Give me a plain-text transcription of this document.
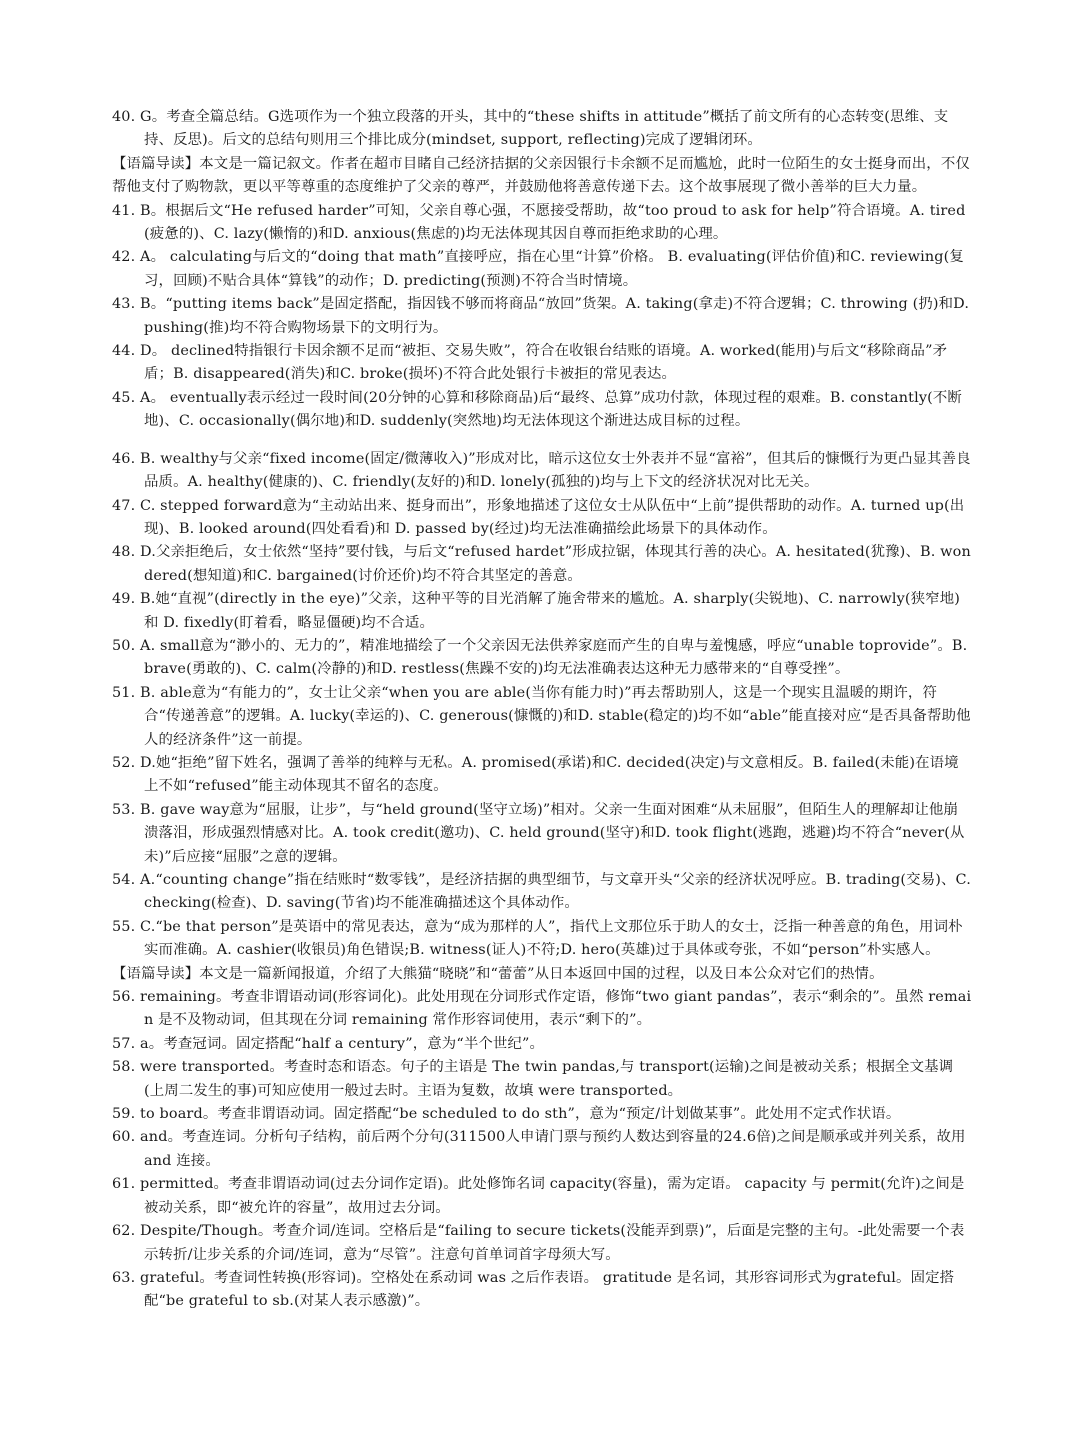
40. G。考查全篇总结。G选项作为一个独立段落的开头，其中的“these shifts in attitude”概括了前文所有的心态转变(思维、支持、反思)。后文的总结句则用三个排比成分(mindset, support, reflecting)完成了逻辑闭环。

【语篇导读】本文是一篇记叙文。作者在超市目睹自己经济拮据的父亲因银行卡余额不足而尴尬，此时一位陌生的女士挺身而出，不仅帮他支付了购物款，更以平等尊重的态度维护了父亲的尊严，并鼓励他将善意传递下去。这个故事展现了微小善举的巨大力量。

41. B。根据后文“He refused harder”可知，父亲自尊心强，不愿接受帮助，故“too proud to ask for help”符合语境。A. tired(疲惫的)、C. lazy(懒惰的)和D. anxious(焦虑的)均无法体现其因自尊而拒绝求助的心理。

42. A。 calculating与后文的“doing that math”直接呼应，指在心里“计算”价格。 B. evaluating(评估价值)和C. reviewing(复习，回顾)不贴合具体“算钱”的动作；D. predicting(预测)不符合当时情境。

43. B。“putting items back”是固定搭配，指因钱不够而将商品“放回”货架。A. taking(拿走)不符合逻辑；C. throwing (扔)和D. pushing(推)均不符合购物场景下的文明行为。

44. D。 declined特指银行卡因余额不足而“被拒、交易失败”，符合在收银台结账的语境。A. worked(能用)与后文“移除商品”矛盾；B. disappeared(消失)和C. broke(损坏)不符合此处银行卡被拒的常见表达。

45. A。 eventually表示经过一段时间(20分钟的心算和移除商品)后“最终、总算”成功付款，体现过程的艰难。B. constantly(不断地)、C. occasionally(偶尔地)和D. suddenly(突然地)均无法体现这个渐进达成目标的过程。

46. B. wealthy与父亲“fixed income(固定/微薄收入)”形成对比，暗示这位女士外表并不显“富裕”，但其后的慷慨行为更凸显其善良品质。A. healthy(健康的)、C. friendly(友好的)和D. lonely(孤独的)均与上下文的经济状况对比无关。

47. C. stepped forward意为“主动站出来、挺身而出”，形象地描述了这位女士从队伍中“上前”提供帮助的动作。A. turned up(出现)、B. looked around(四处看看)和 D. passed by(经过)均无法准确描绘此场景下的具体动作。

48. D.父亲拒绝后，女士依然“坚持”要付钱，与后文“refused hardet”形成拉锯，体现其行善的决心。A. hesitated(犹豫)、B. wondered(想知道)和C. bargained(讨价还价)均不符合其坚定的善意。

49. B.她“直视”(directly in the eye)”父亲，这种平等的目光消解了施舍带来的尴尬。A. sharply(尖锐地)、C. narrowly(狭窄地)和 D. fixedly(盯着看，略显僵硬)均不合适。

50. A. small意为“渺小的、无力的”，精准地描绘了一个父亲因无法供养家庭而产生的自卑与羞愧感，呼应“unable toprovide”。B. brave(勇敢的)、C. calm(冷静的)和D. restless(焦躁不安的)均无法准确表达这种无力感带来的“自尊受挫”。

51. B. able意为“有能力的”，女士让父亲“when you are able(当你有能力时)”再去帮助别人，这是一个现实且温暖的期许，符合“传递善意”的逻辑。A. lucky(幸运的)、C. generous(慷慨的)和D. stable(稳定的)均不如“able”能直接对应“是否具备帮助他人的经济条件”这一前提。

52. D.她“拒绝”留下姓名，强调了善举的纯粹与无私。A. promised(承诺)和C. decided(决定)与文意相反。B. failed(未能)在语境上不如“refused”能主动体现其不留名的态度。

53. B. gave way意为“屈服，让步”，与“held ground(坚守立场)”相对。父亲一生面对困难“从未屈服”，但陌生人的理解却让他崩溃落泪，形成强烈情感对比。A. took credit(邀功)、C. held ground(坚守)和D. took flight(逃跑，逃避)均不符合“never(从未)”后应接“屈服”之意的逻辑。

54. A.“counting change”指在结账时“数零钱”，是经济拮据的典型细节，与文章开头“父亲的经济状况呼应。B. trading(交易)、C. checking(检查)、D. saving(节省)均不能准确描述这个具体动作。

55. C.“be that person”是英语中的常见表达，意为“成为那样的人”，指代上文那位乐于助人的女士，泛指一种善意的角色，用词朴实而准确。A. cashier(收银员)角色错误;B. witness(证人)不符;D. hero(英雄)过于具体或夸张，不如“person”朴实感人。

【语篇导读】本文是一篇新闻报道，介绍了大熊猫“晓晓”和“蕾蕾”从日本返回中国的过程，以及日本公众对它们的热情。

56. remaining。考查非谓语动词(形容词化)。此处用现在分词形式作定语，修饰“two giant pandas”，表示“剩余的”。虽然 remain 是不及物动词，但其现在分词 remaining 常作形容词使用，表示“剩下的”。

57. a。考查冠词。固定搭配“half a century”，意为“半个世纪”。

58. were transported。考查时态和语态。句子的主语是 The twin pandas,与 transport(运输)之间是被动关系；根据全文基调(上周二发生的事)可知应使用一般过去时。主语为复数，故填 were transported。

59. to board。考查非谓语动词。固定搭配“be scheduled to do sth”，意为“预定/计划做某事”。此处用不定式作状语。

60. and。考查连词。分析句子结构，前后两个分句(311500人申请门票与预约人数达到容量的24.6倍)之间是顺承或并列关系，故用 and 连接。

61. permitted。考查非谓语动词(过去分词作定语)。此处修饰名词 capacity(容量)，需为定语。 capacity 与 permit(允许)之间是被动关系，即“被允许的容量”，故用过去分词。

62. Despite/Though。考查介词/连词。空格后是“failing to secure tickets(没能弄到票)”，后面是完整的主句。-此处需要一个表示转折/让步关系的介词/连词，意为“尽管”。注意句首单词首字母须大写。

63. grateful。考查词性转换(形容词)。空格处在系动词 was 之后作表语。 gratitude 是名词，其形容词形式为grateful。固定搭配“be grateful to sb.(对某人表示感激)”。
